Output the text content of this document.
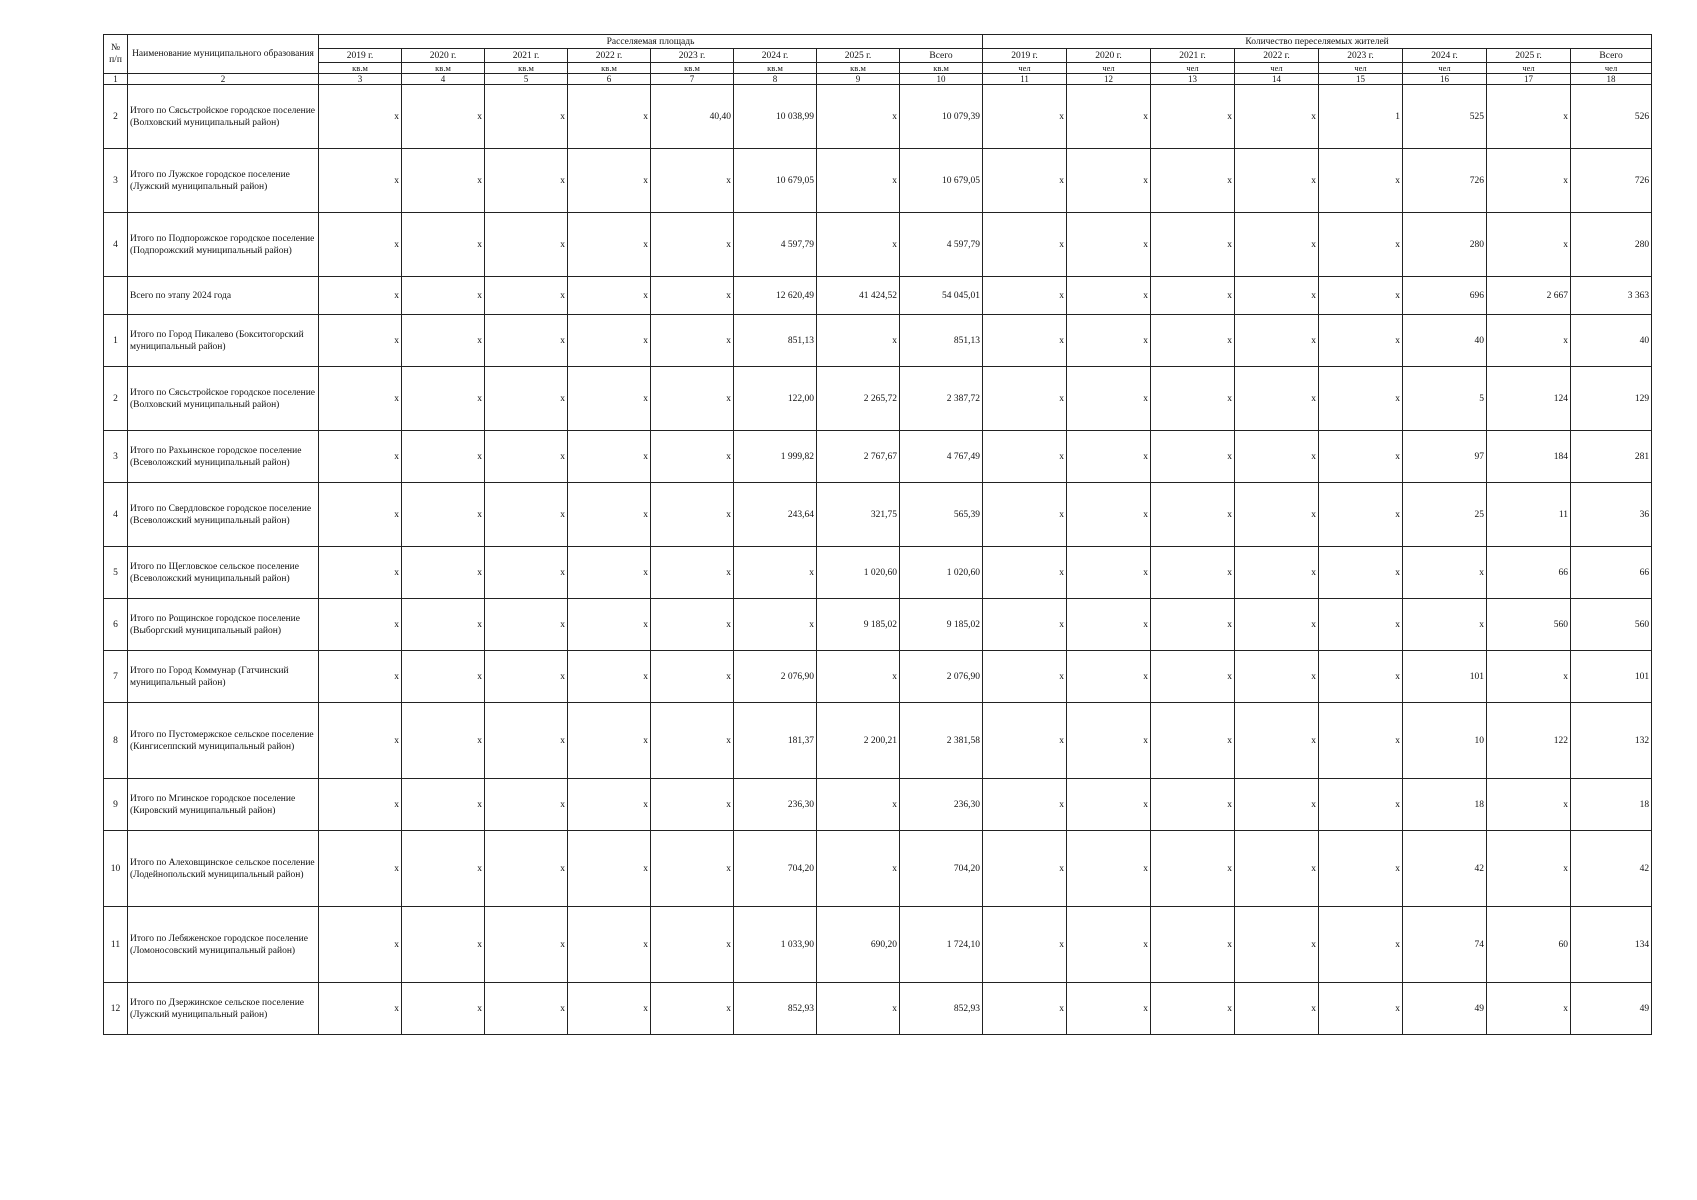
№ п/п	Наименование муниципального образования	Расселяемая площадь								Количество переселяемых жителей							
		2019 г.	2020 г.	2021 г.	2022 г.	2023 г.	2024 г.	2025 г.	Всего	2019 г.	2020 г.	2021 г.	2022 г.	2023 г.	2024 г.	2025 г.	Всего
		кв.м	кв.м	кв.м	кв.м	кв.м	кв.м	кв.м	кв.м	чел	чел	чел	чел	чел	чел	чел	чел
1	2	3	4	5	6	7	8	9	10	11	12	13	14	15	16	17	18
2	Итого по Сясьстройское городское поселение (Волховский муниципальный район)	x	x	x	x	40,40	10 038,99	x	10 079,39	x	x	x	x	1	525	x	526
3	Итого по Лужское городское поселение (Лужский муниципальный район)	x	x	x	x	x	10 679,05	x	10 679,05	x	x	x	x	x	726	x	726
4	Итого по Подпорожское городское поселение (Подпорожский муниципальный район)	x	x	x	x	x	4 597,79	x	4 597,79	x	x	x	x	x	280	x	280
	Всего по этапу 2024 года	x	x	x	x	x	12 620,49	41 424,52	54 045,01	x	x	x	x	x	696	2 667	3 363
1	Итого по Город Пикалево (Бокситогорский муниципальный район)	x	x	x	x	x	851,13	x	851,13	x	x	x	x	x	40	x	40
2	Итого по Сясьстройское городское поселение (Волховский муниципальный район)	x	x	x	x	x	122,00	2 265,72	2 387,72	x	x	x	x	x	5	124	129
3	Итого по Рахьинское городское поселение (Всеволожский муниципальный район)	x	x	x	x	x	1 999,82	2 767,67	4 767,49	x	x	x	x	x	97	184	281
4	Итого по Свердловское городское поселение (Всеволожский муниципальный район)	x	x	x	x	x	243,64	321,75	565,39	x	x	x	x	x	25	11	36
5	Итого по Щегловское сельское поселение (Всеволожский муниципальный район)	x	x	x	x	x	x	1 020,60	1 020,60	x	x	x	x	x	x	66	66
6	Итого по Рощинское городское поселение (Выборгский муниципальный район)	x	x	x	x	x	x	9 185,02	9 185,02	x	x	x	x	x	x	560	560
7	Итого по Город Коммунар (Гатчинский муниципальный район)	x	x	x	x	x	2 076,90	x	2 076,90	x	x	x	x	x	101	x	101
8	Итого по Пустомержское сельское поселение (Кингисеппский муниципальный район)	x	x	x	x	x	181,37	2 200,21	2 381,58	x	x	x	x	x	10	122	132
9	Итого по Мгинское городское поселение (Кировский муниципальный район)	x	x	x	x	x	236,30	x	236,30	x	x	x	x	x	18	x	18
10	Итого по Алеховщинское сельское поселение (Лодейнопольский муниципальный район)	x	x	x	x	x	704,20	x	704,20	x	x	x	x	x	42	x	42
11	Итого по Лебяженское городское поселение (Ломоносовский муниципальный район)	x	x	x	x	x	1 033,90	690,20	1 724,10	x	x	x	x	x	74	60	134
12	Итого по Дзержинское сельское поселение (Лужский муниципальный район)	x	x	x	x	x	852,93	x	852,93	x	x	x	x	x	49	x	49
